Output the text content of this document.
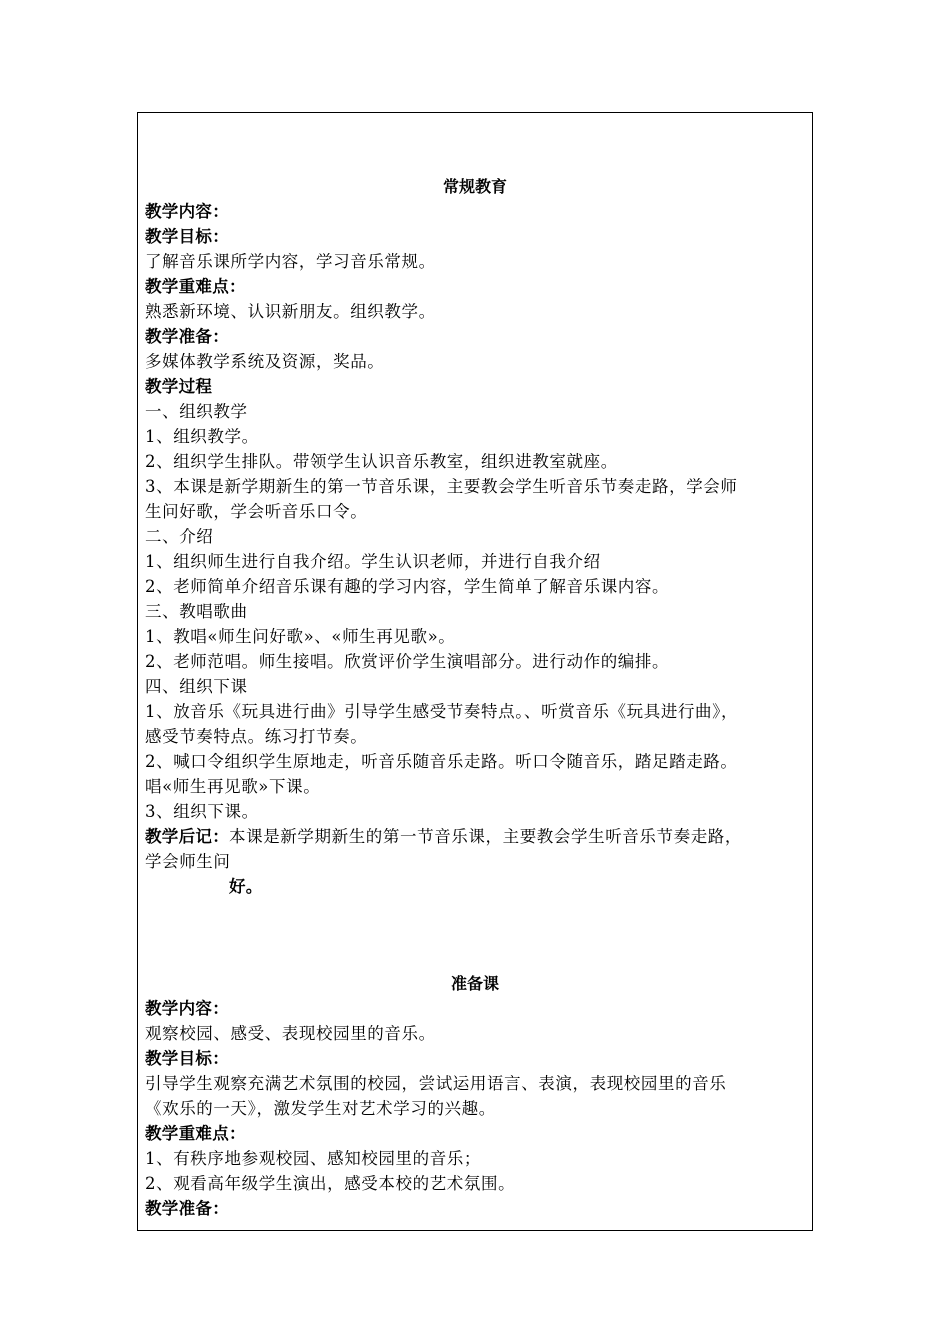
常规教育
教学内容：
教学目标：
了解音乐课所学内容，学习音乐常规。
教学重难点：
熟悉新环境、认识新朋友。组织教学。
教学准备：
多媒体教学系统及资源，奖品。
教学过程
一、组织教学
1、组织教学。
2、组织学生排队。带领学生认识音乐教室，组织进教室就座。
3、本课是新学期新生的第一节音乐课，主要教会学生听音乐节奏走路，学会师
生问好歌，学会听音乐口令。
二、介绍
1、组织师生进行自我介绍。学生认识老师，并进行自我介绍
2、老师简单介绍音乐课有趣的学习内容，学生简单了解音乐课内容。
三、教唱歌曲
1、教唱«师生问好歌»、«师生再见歌»。
2、老师范唱。师生接唱。欣赏评价学生演唱部分。进行动作的编排。
四、组织下课
1、放音乐《玩具进行曲》引导学生感受节奏特点。、听赏音乐《玩具进行曲》，
感受节奏特点。练习打节奏。
2、喊口令组织学生原地走，听音乐随音乐走路。听口令随音乐，踏足踏走路。
唱«师生再见歌»下课。
3、组织下课。
教学后记：本课是新学期新生的第一节音乐课，主要教会学生听音乐节奏走路，
学会师生问
好。
准备课
教学内容：
观察校园、感受、表现校园里的音乐。
教学目标：
引导学生观察充满艺术氛围的校园，尝试运用语言、表演，表现校园里的音乐
《欢乐的一天》，激发学生对艺术学习的兴趣。
教学重难点：
1、有秩序地参观校园、感知校园里的音乐；
2、观看高年级学生演出，感受本校的艺术氛围。
教学准备：
